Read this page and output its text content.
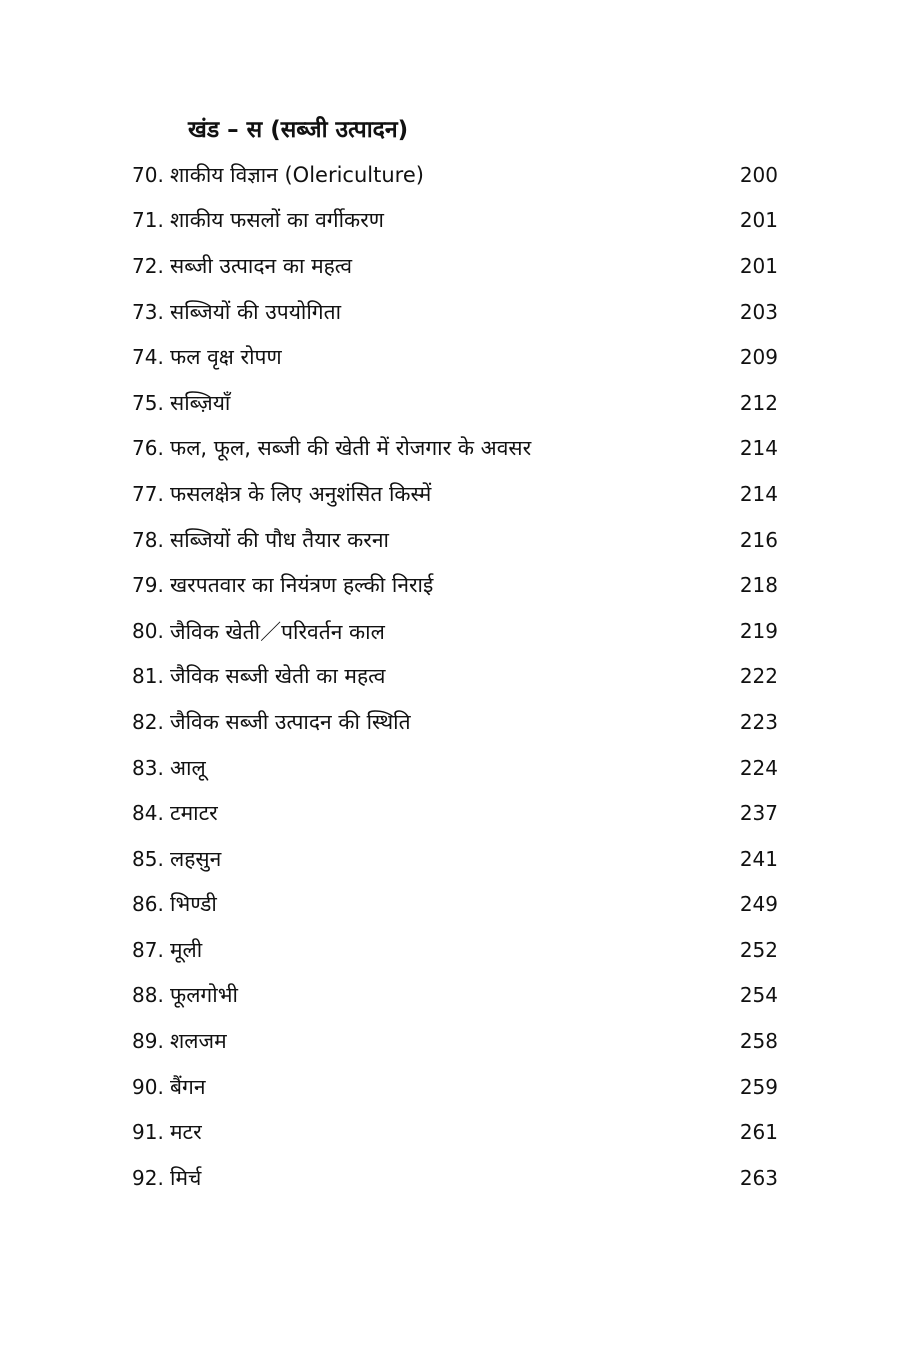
खंड – स (सब्जी उत्पादन)
70. शाकीय विज्ञान (Olericulture)	200
71. शाकीय फसलों का वर्गीकरण	201
72. सब्जी उत्पादन का महत्व	201
73. सब्जियों की उपयोगिता	203
74. फल वृक्ष रोपण	209
75. सब्ज़ियाँ	212
76. फल, फूल, सब्जी की खेती में रोजगार के अवसर	214
77. फसलक्षेत्र के लिए अनुशंसित किस्में	214
78. सब्जियों की पौध तैयार करना	216
79. खरपतवार का नियंत्रण हल्की निराई	218
80. जैविक खेती／परिवर्तन काल	219
81. जैविक सब्जी खेती का महत्व	222
82. जैविक सब्जी उत्पादन की स्थिति	223
83. आलू	224
84. टमाटर	237
85. लहसुन	241
86. भिण्डी	249
87. मूली	252
88. फूलगोभी	254
89. शलजम	258
90. बैंगन	259
91. मटर	261
92. मिर्च	263
